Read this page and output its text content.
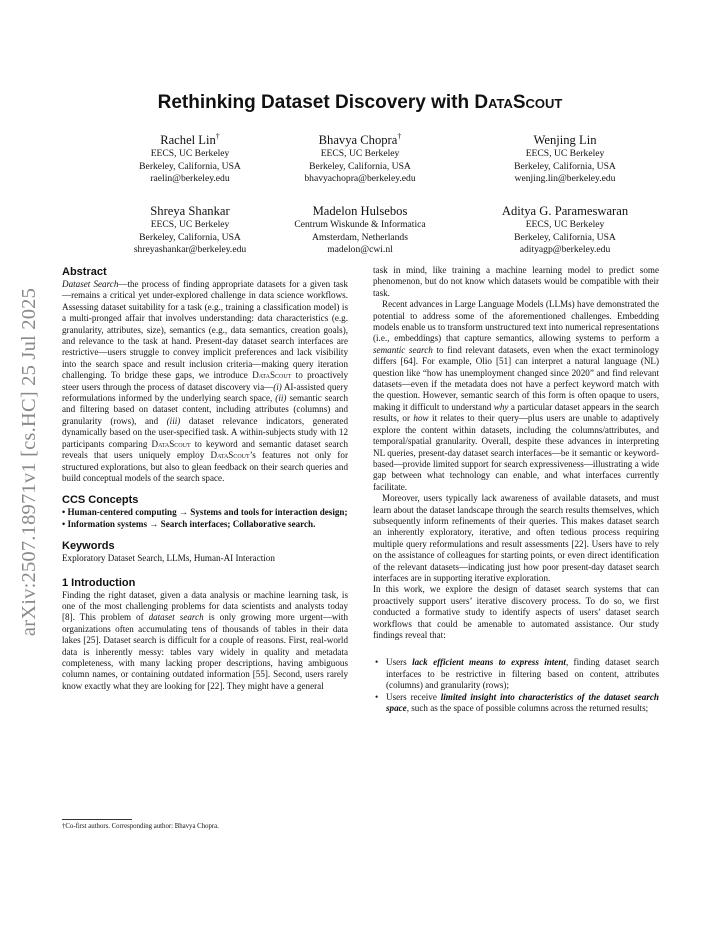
Rethinking Dataset Discovery with DataScout
Rachel Lin†
EECS, UC Berkeley
Berkeley, California, USA
raelin@berkeley.edu
Bhavya Chopra†
EECS, UC Berkeley
Berkeley, California, USA
bhavyachopra@berkeley.edu
Wenjing Lin
EECS, UC Berkeley
Berkeley, California, USA
wenjing.lin@berkeley.edu
Shreya Shankar
EECS, UC Berkeley
Berkeley, California, USA
shreyashankar@berkeley.edu
Madelon Hulsebos
Centrum Wiskunde & Informatica
Amsterdam, Netherlands
madelon@cwi.nl
Aditya G. Parameswaran
EECS, UC Berkeley
Berkeley, California, USA
adityagp@berkeley.edu
arXiv:2507.18971v1 [cs.HC] 25 Jul 2025

Abstract

Dataset Search—the process of finding appropriate datasets for a given task—remains a critical yet under-explored challenge in data science workflows. Assessing dataset suitability for a task (e.g., training a classification model) is a multi-pronged affair that involves understanding: data characteristics (e.g. granularity, attributes, size), semantics (e.g., data semantics, creation goals), and relevance to the task at hand. Present-day dataset search interfaces are restrictive—users struggle to convey implicit preferences and lack visibility into the search space and result inclusion criteria—making query iteration challenging. To bridge these gaps, we introduce DataScout to proactively steer users through the process of dataset discovery via—(i) AI-assisted query reformulations informed by the underlying search space, (ii) semantic search and filtering based on dataset content, including attributes (columns) and granularity (rows), and (iii) dataset relevance indicators, generated dynamically based on the user-specified task. A within-subjects study with 12 participants comparing DataScout to keyword and semantic dataset search reveals that users uniquely employ DataScout’s features not only for structured explorations, but also to glean feedback on their search queries and build conceptual models of the search space.

CCS Concepts

• Human-centered computing → Systems and tools for interaction design; • Information systems → Search interfaces; Collaborative search.

Keywords

Exploratory Dataset Search, LLMs, Human-AI Interaction

1 Introduction

Finding the right dataset, given a data analysis or machine learning task, is one of the most challenging problems for data scientists and analysts today [8]. This problem of dataset search is only growing more urgent—with organizations often accumulating tens of thousands of tables in their data lakes [25]. Dataset search is difficult for a couple of reasons. First, real-world data is inherently messy: tables vary widely in quality and metadata completeness, with many lacking proper descriptions, having ambiguous column names, or containing outdated information [55]. Second, users rarely know exactly what they are looking for [22]. They might have a general

†Co-first authors. Corresponding author: Bhavya Chopra.

task in mind, like training a machine learning model to predict some phenomenon, but do not know which datasets would be compatible with their task.

Recent advances in Large Language Models (LLMs) have demonstrated the potential to address some of the aforementioned challenges. Embedding models enable us to transform unstructured text into numerical representations (i.e., embeddings) that capture semantics, allowing systems to perform a semantic search to find relevant datasets, even when the exact terminology differs [64]. For example, Olio [51] can interpret a natural language (NL) question like “how has unemployment changed since 2020” and find relevant datasets—even if the metadata does not have a perfect keyword match with the question. However, semantic search of this form is often opaque to users, making it difficult to understand why a particular dataset appears in the search results, or how it relates to their query—plus users are unable to adaptively explore the content within datasets, including the columns/attributes, and temporal/spatial granularity. Overall, despite these advances in interpreting NL queries, present-day dataset search interfaces—be it semantic or keyword-based—provide limited support for search expressiveness—illustrating a wide gap between what technology can enable, and what interfaces currently facilitate.

Moreover, users typically lack awareness of available datasets, and must learn about the dataset landscape through the search results themselves, which subsequently inform refinements of their queries. This makes dataset search an inherently exploratory, iterative, and often tedious process requiring multiple query reformulations and result assessments [22]. Users have to rely on the assistance of colleagues for starting points, or even direct identification of the relevant datasets—indicating just how poor present-day dataset search interfaces are in supporting iterative exploration.

In this work, we explore the design of dataset search systems that can proactively support users’ iterative discovery process. To do so, we first conducted a formative study to identify aspects of users’ dataset search workflows that could be amenable to automated assistance. Our study findings reveal that:

• Users lack efficient means to express intent, finding dataset search interfaces to be restrictive in filtering based on content, attributes (columns) and granularity (rows);
• Users receive limited insight into characteristics of the dataset search space, such as the space of possible columns across the returned results;
